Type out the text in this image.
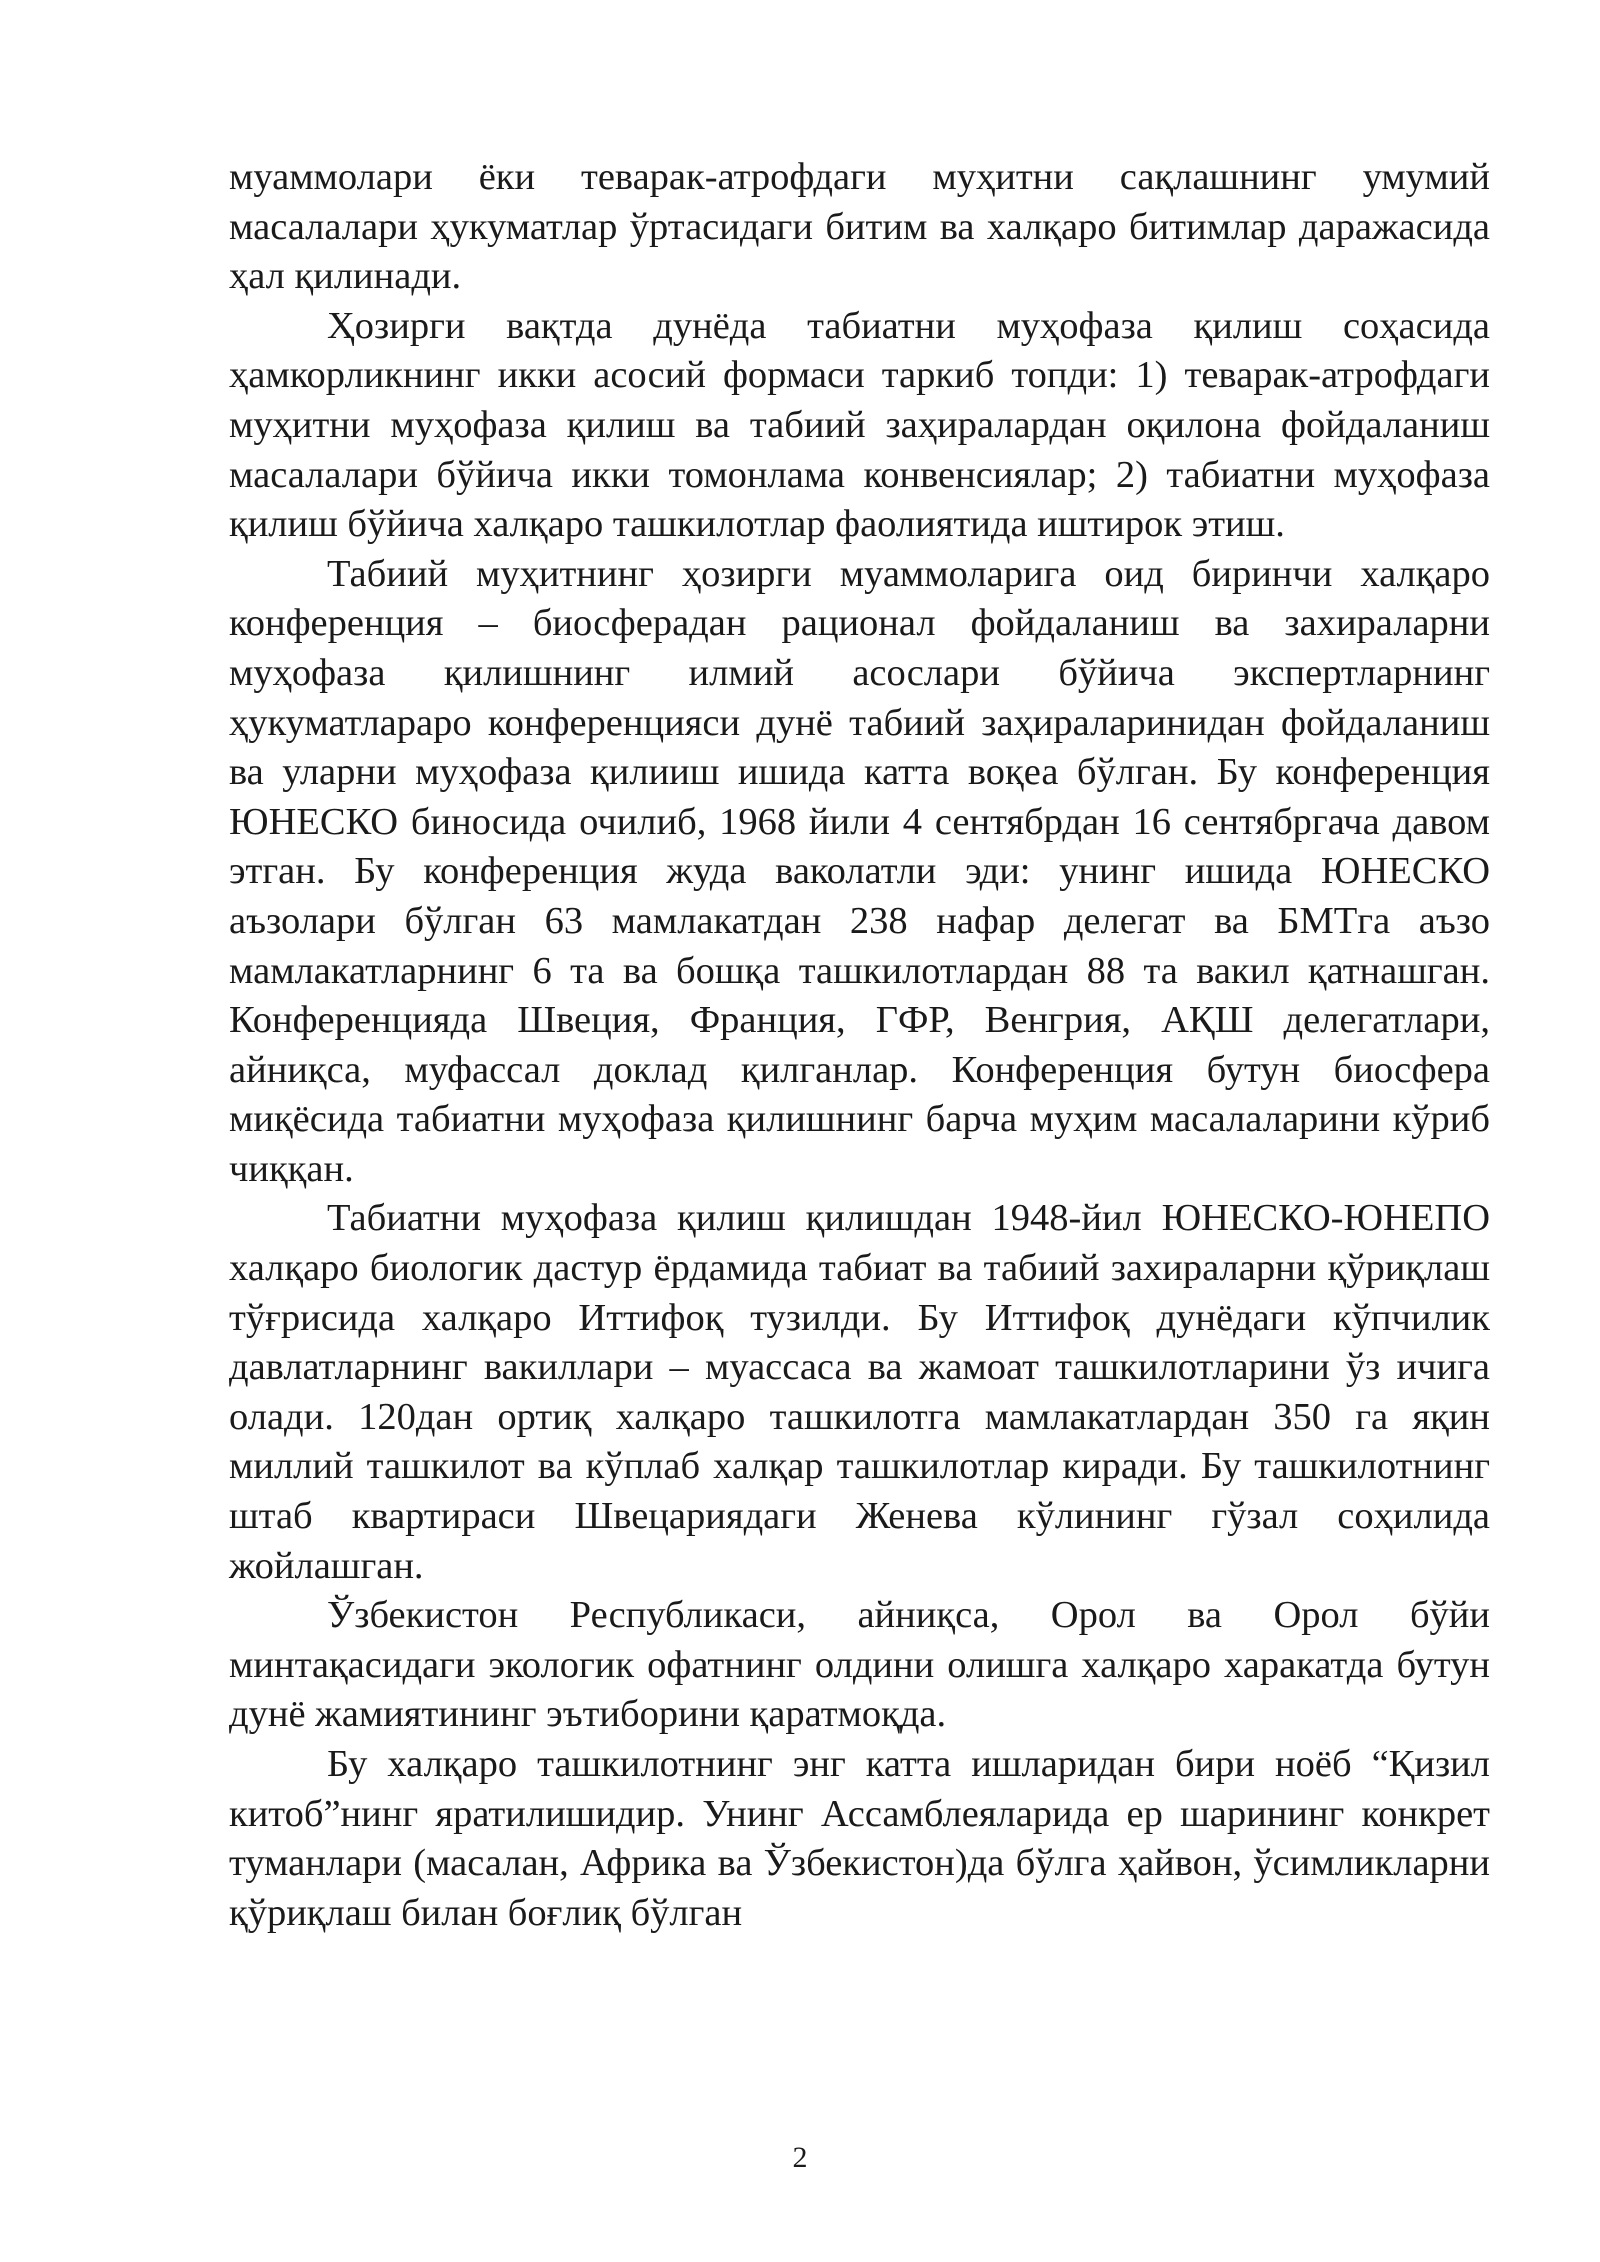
муаммолари ёки теварак-атрофдаги муҳитни сақлашнинг умумий масалалари ҳукуматлар ўртасидаги битим ва халқаро битимлар даражасида ҳал қилинади.

Ҳозирги вақтда дунёда табиатни муҳофаза қилиш соҳасида ҳамкорликнинг икки асосий формаси таркиб топди: 1) теварак-атрофдаги муҳитни муҳофаза қилиш ва табиий заҳиралардан оқилона фойдаланиш масалалари бўйича икки томонлама конвенсиялар; 2) табиатни муҳофаза қилиш бўйича халқаро ташкилотлар фаолиятида иштирок этиш.

Табиий муҳитнинг ҳозирги муаммоларига оид биринчи халқаро конференция – биосферадан рационал фойдаланиш ва захираларни муҳофаза қилишнинг илмий асослари бўйича экспертларнинг ҳукуматлараро конференцияси дунё табиий заҳираларинидан фойдаланиш ва уларни муҳофаза қилииш ишида катта воқеа бўлган. Бу конференция ЮНЕСКО биносида очилиб, 1968 йили 4 сентябрдан 16 сентябргача давом этган. Бу конференция жуда ваколатли эди: унинг ишида ЮНЕСКО аъзолари бўлган 63 мамлакатдан 238 нафар делегат ва БМТга аъзо мамлакатларнинг 6 та ва бошқа ташкилотлардан 88 та вакил қатнашган. Конференцияда Швеция, Франция, ГФР, Венгрия, АҚШ делегатлари, айниқса, муфассал доклад қилганлар. Конференция бутун биосфера миқёсида табиатни муҳофаза қилишнинг барча муҳим масалаларини кўриб чиққан.

Табиатни муҳофаза қилиш қилишдан 1948-йил ЮНЕСКО-ЮНЕПО халқаро биологик дастур ёрдамида табиат ва табиий захираларни қўриқлаш тўғрисида халқаро Иттифоқ тузилди. Бу Иттифоқ дунёдаги кўпчилик давлатларнинг вакиллари – муассаса ва жамоат ташкилотларини ўз ичига олади. 120дан ортиқ халқаро ташкилотга мамлакатлардан 350 га яқин миллий ташкилот ва кўплаб халқар ташкилотлар киради. Бу ташкилотнинг штаб квартираси Швецариядаги Женева кўлининг гўзал соҳилида жойлашган.

Ўзбекистон Республикаси, айниқса, Орол ва Орол бўйи минтақасидаги экологик офатнинг олдини олишга халқаро харакатда бутун дунё жамиятининг эътиборини қаратмоқда.

Бу халқаро ташкилотнинг энг катта ишларидан бири ноёб “Қизил китоб”нинг яратилишидир. Унинг Ассамблеяларида ер шарининг конкрет туманлари (масалан, Африка ва Ўзбекистон)да бўлга ҳайвон, ўсимликларни қўриқлаш билан боғлиқ бўлган

2
